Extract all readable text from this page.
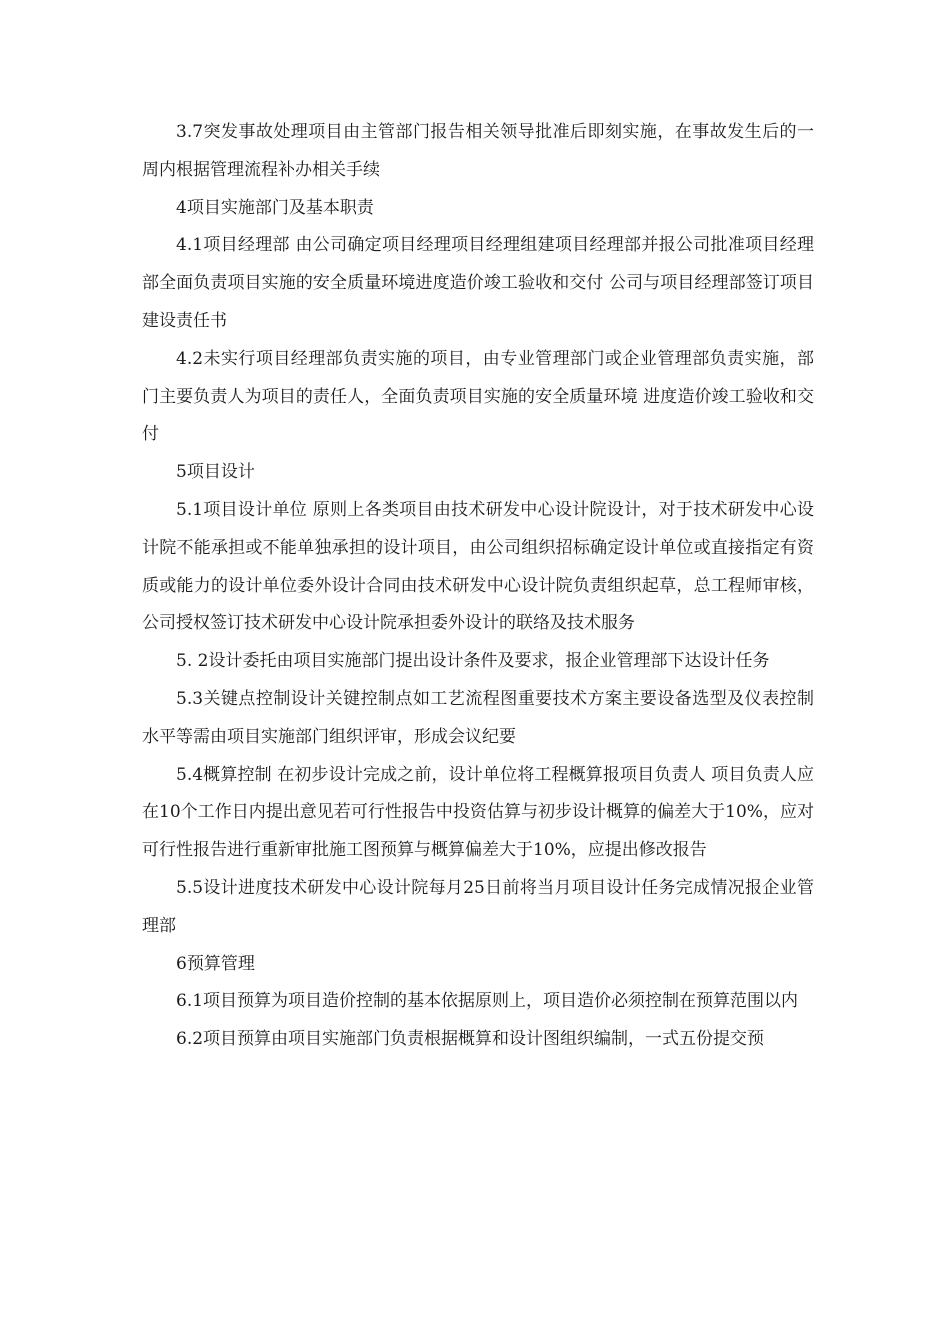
3.7突发事故处理项目由主管部门报告相关领导批准后即刻实施，在事故发生后的一周内根据管理流程补办相关手续

4项目实施部门及基本职责

4.1项目经理部 由公司确定项目经理项目经理组建项目经理部并报公司批准项目经理部全面负责项目实施的安全质量环境进度造价竣工验收和交付 公司与项目经理部签订项目建设责任书

4.2未实行项目经理部负责实施的项目，由专业管理部门或企业管理部负责实施，部门主要负责人为项目的责任人，全面负责项目实施的安全质量环境 进度造价竣工验收和交付

5项目设计

5.1项目设计单位 原则上各类项目由技术研发中心设计院设计，对于技术研发中心设计院不能承担或不能单独承担的设计项目，由公司组织招标确定设计单位或直接指定有资质或能力的设计单位委外设计合同由技术研发中心设计院负责组织起草，总工程师审核，公司授权签订技术研发中心设计院承担委外设计的联络及技术服务

5. 2设计委托由项目实施部门提出设计条件及要求，报企业管理部下达设计任务

5.3关键点控制设计关键控制点如工艺流程图重要技术方案主要设备选型及仪表控制水平等需由项目实施部门组织评审，形成会议纪要

5.4概算控制 在初步设计完成之前，设计单位将工程概算报项目负责人 项目负责人应在10个工作日内提出意见若可行性报告中投资估算与初步设计概算的偏差大于10%，应对可行性报告进行重新审批施工图预算与概算偏差大于10%，应提出修改报告

5.5设计进度技术研发中心设计院每月25日前将当月项目设计任务完成情况报企业管理部

6预算管理

6.1项目预算为项目造价控制的基本依据原则上，项目造价必须控制在预算范围以内

6.2项目预算由项目实施部门负责根据概算和设计图组织编制，一式五份提交预
